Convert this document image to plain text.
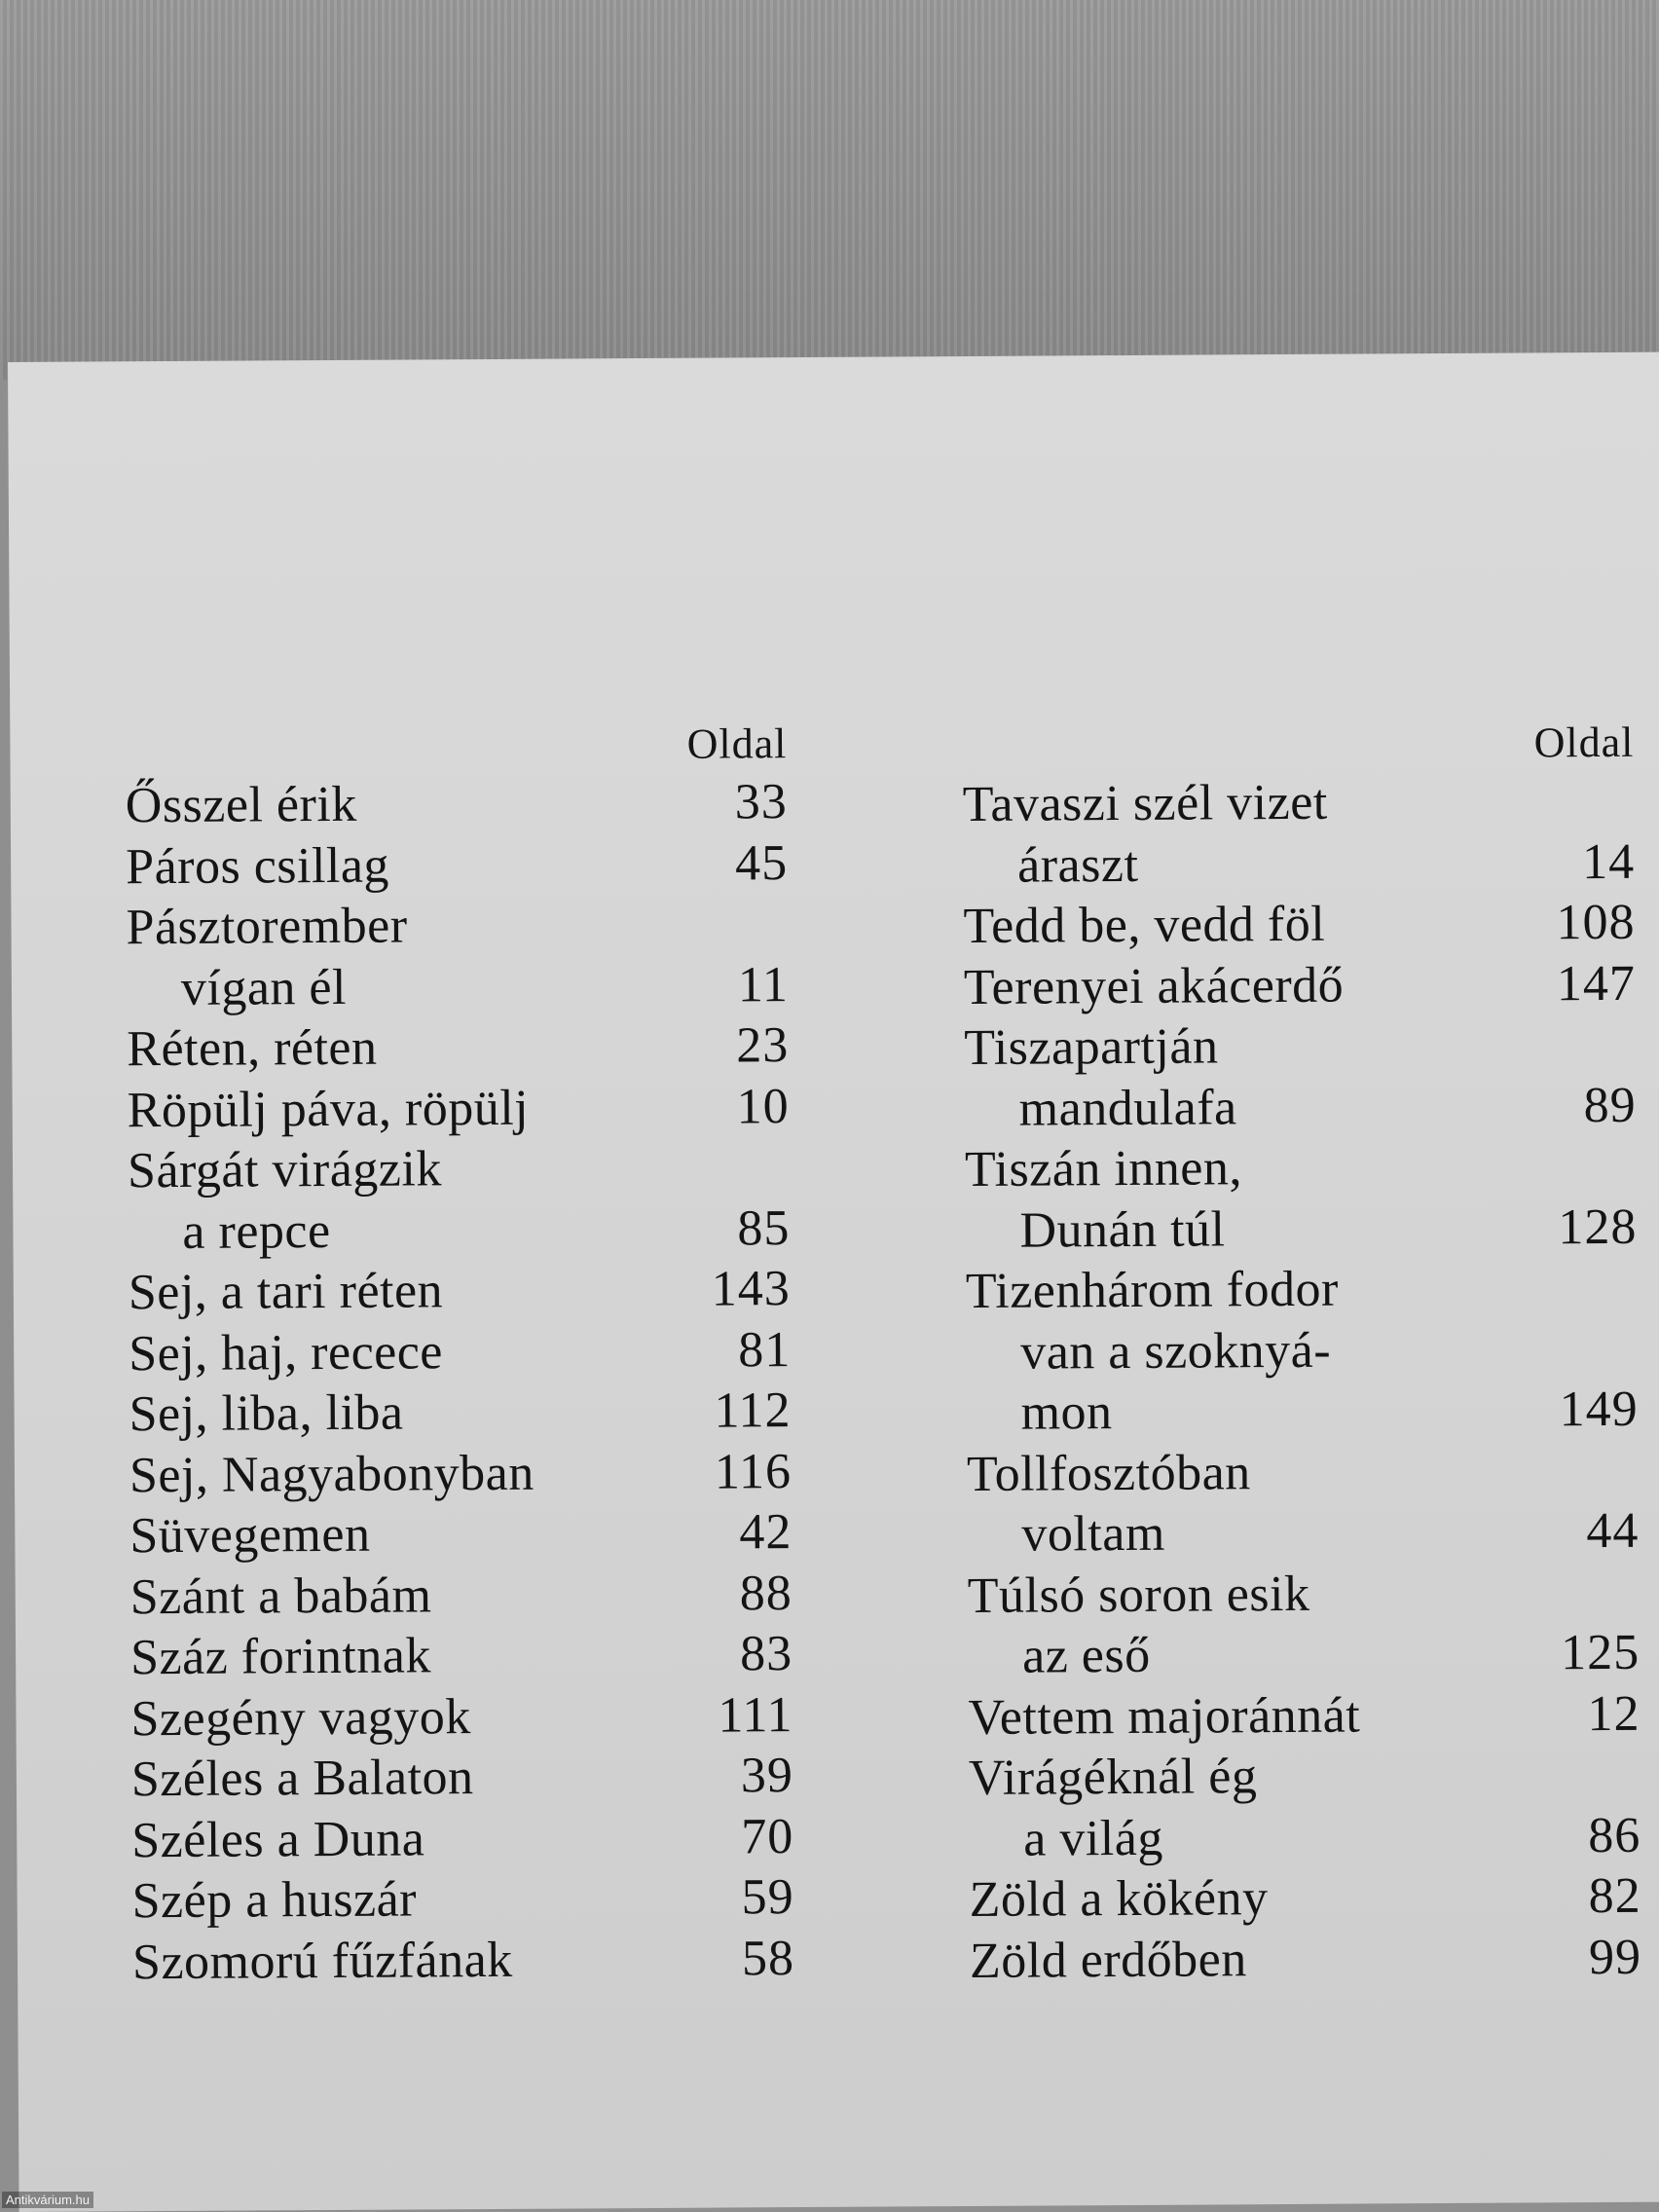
Oldal
Ősszel érik	33
Páros csillag	45
Pásztorember
vígan él	11
Réten, réten	23
Röpülj páva, röpülj	10
Sárgát virágzik
a repce	85
Sej, a tari réten	143
Sej, haj, recece	81
Sej, liba, liba	112
Sej, Nagyabonyban	116
Süvegemen	42
Szánt a babám	88
Száz forintnak	83
Szegény vagyok	111
Széles a Balaton	39
Széles a Duna	70
Szép a huszár	59
Szomorú fűzfának	58
Oldal
Tavaszi szél vizet
áraszt	14
Tedd be, vedd föl	108
Terenyei akácerdő	147
Tiszapartján
mandulafa	89
Tiszán innen,
Dunán túl	128
Tizenhárom fodor
van a szoknyá-
mon	149
Tollfosztóban
voltam	44
Túlsó soron esik
az eső	125
Vettem majoránnát	12
Virágéknál ég
a világ	86
Zöld a kökény	82
Zöld erdőben	99
Antikvárium.hu
